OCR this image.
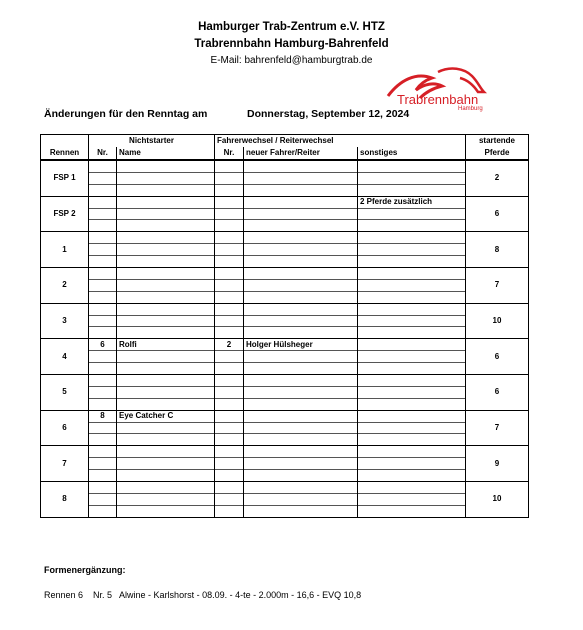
Hamburger Trab-Zentrum e.V. HTZ
Trabrennbahn Hamburg-Bahrenfeld
E-Mail: bahrenfeld@hamburgtrab.de
Trabrennbahn
Hamburg
Änderungen für den Renntag am	Donnerstag, September 12, 2024
	Nichtstarter		Fahrerwechsel / Reiterwechsel			startende
Rennen	Nr.	Name	Nr.	neuer Fahrer/Reiter	sonstiges	Pferde
FSP 1						2

FSP 2					2 Pferde zusätzlich	6

1						8

2						7

3						10

4	6	Rolfi	2	Holger Hülsheger		6

5						6

6	8	Eye Catcher C				7

7						9

8						10

Formenergänzung:
Rennen 6    Nr. 5   Alwine - Karlshorst - 08.09. - 4-te - 2.000m - 16,6 - EVQ 10,8
